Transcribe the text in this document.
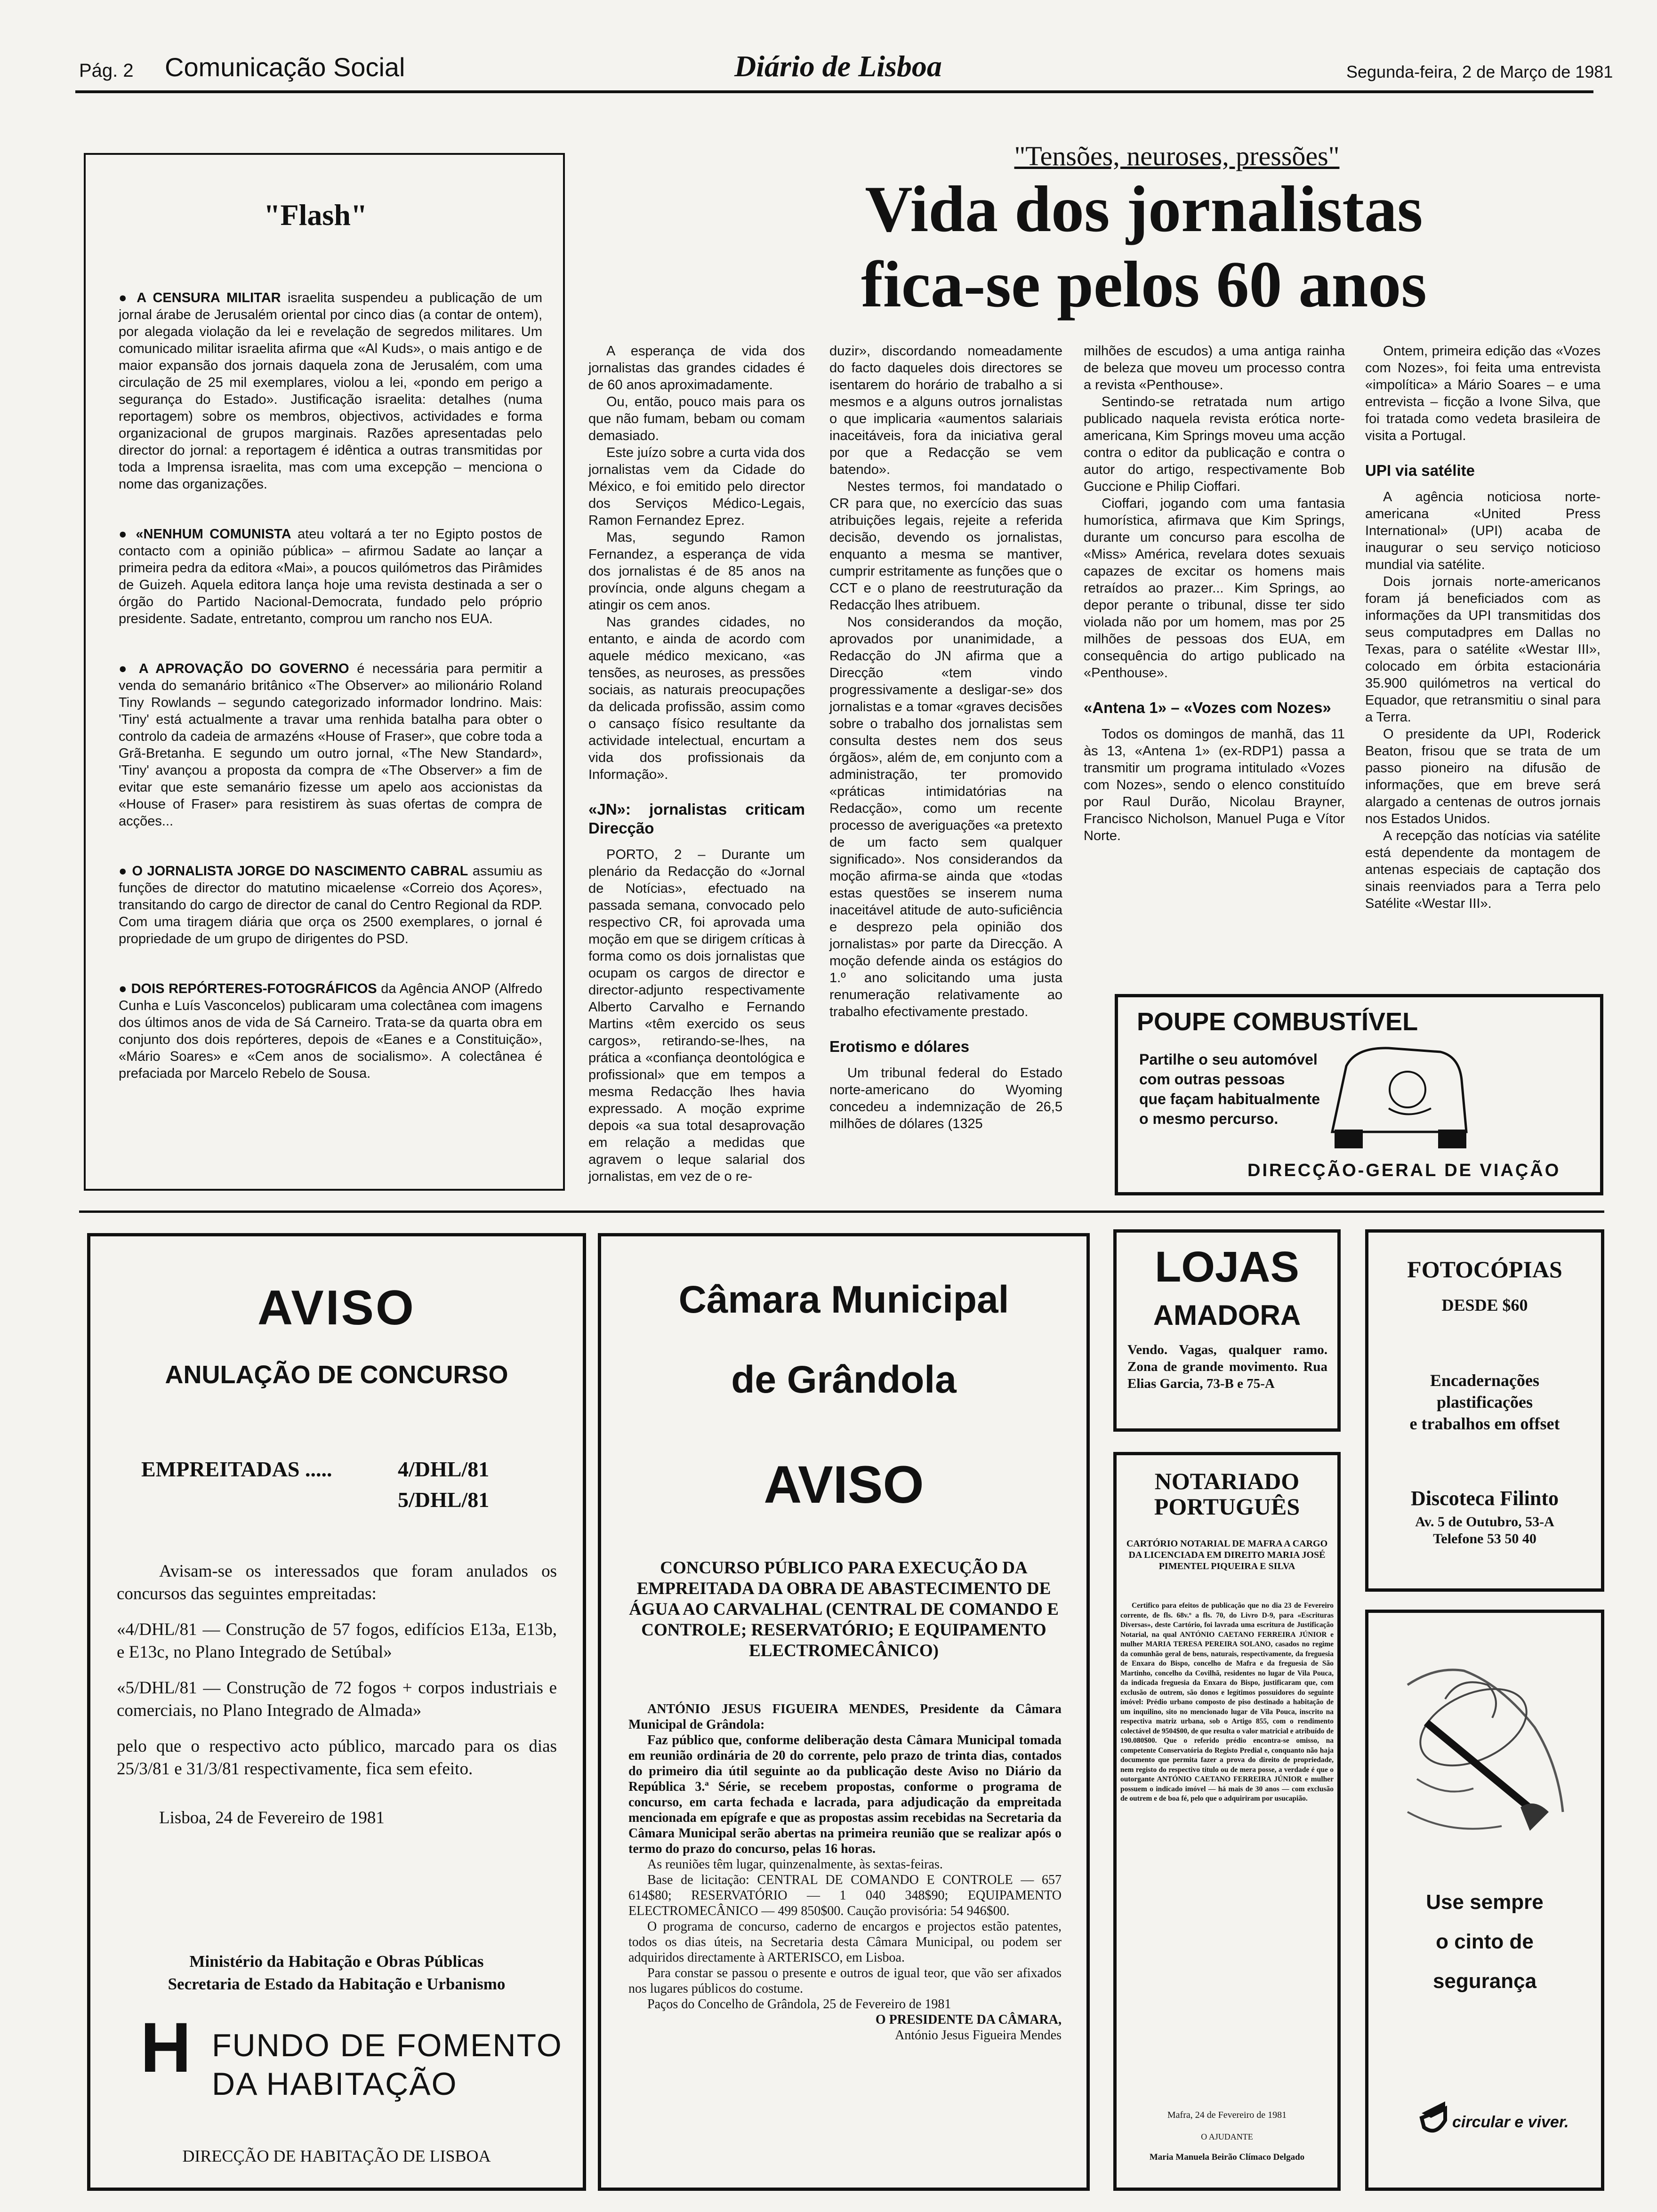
Pág. 2 Comunicação Social	Diário de Lisboa	Segunda-feira, 2 de Março de 1981
"Flash"

● A CENSURA MILITAR israelita suspendeu a publicação de um jornal árabe de Jerusalém oriental por cinco dias (a contar de ontem), por alegada violação da lei e revelação de segredos militares. Um comunicado militar israelita afirma que «Al Kuds», o mais antigo e de maior expansão dos jornais daquela zona de Jerusalém, com uma circulação de 25 mil exemplares, violou a lei, «pondo em perigo a segurança do Estado». Justificação israelita: detalhes (numa reportagem) sobre os membros, objectivos, actividades e forma organizacional de grupos marginais. Razões apresentadas pelo director do jornal: a reportagem é idêntica a outras transmitidas por toda a Imprensa israelita, mas com uma excepção – menciona o nome das organizações.

● «NENHUM COMUNISTA ateu voltará a ter no Egipto postos de contacto com a opinião pública» – afirmou Sadate ao lançar a primeira pedra da editora «Mai», a poucos quilómetros das Pirâmides de Guizeh. Aquela editora lança hoje uma revista destinada a ser o órgão do Partido Nacional-Democrata, fundado pelo próprio presidente. Sadate, entretanto, comprou um rancho nos EUA.

● A APROVAÇÃO DO GOVERNO é necessária para permitir a venda do semanário britânico «The Observer» ao milionário Roland Tiny Rowlands – segundo categorizado informador londrino. Mais: 'Tiny' está actualmente a travar uma renhida batalha para obter o controlo da cadeia de armazéns «House of Fraser», que cobre toda a Grã-Bretanha. E segundo um outro jornal, «The New Standard», 'Tiny' avançou a proposta da compra de «The Observer» a fim de evitar que este semanário fizesse um apelo aos accionistas da «House of Fraser» para resistirem às suas ofertas de compra de acções...

● O JORNALISTA JORGE DO NASCIMENTO CABRAL assumiu as funções de director do matutino micaelense «Correio dos Açores», transitando do cargo de director de canal do Centro Regional da RDP. Com uma tiragem diária que orça os 2500 exemplares, o jornal é propriedade de um grupo de dirigentes do PSD.

● DOIS REPÓRTERES-FOTOGRÁFICOS da Agência ANOP (Alfredo Cunha e Luís Vasconcelos) publicaram uma colectânea com imagens dos últimos anos de vida de Sá Carneiro. Trata-se da quarta obra em conjunto dos dois repórteres, depois de «Eanes e a Constituição», «Mário Soares» e «Cem anos de socialismo». A colectânea é prefaciada por Marcelo Rebelo de Sousa.

"Tensões, neuroses, pressões"
Vida dos jornalistas
fica-se pelos 60 anos

A esperança de vida dos jornalistas das grandes cidades é de 60 anos aproximadamente.

Ou, então, pouco mais para os que não fumam, bebam ou comam demasiado.

Este juízo sobre a curta vida dos jornalistas vem da Cidade do México, e foi emitido pelo director dos Serviços Médico-Legais, Ramon Fernandez Eprez.

Mas, segundo Ramon Fernandez, a esperança de vida dos jornalistas é de 85 anos na província, onde alguns chegam a atingir os cem anos.

Nas grandes cidades, no entanto, e ainda de acordo com aquele médico mexicano, «as tensões, as neuroses, as pressões sociais, as naturais preocupações da delicada profissão, assim como o cansaço físico resultante da actividade intelectual, encurtam a vida dos profissionais da Informação».

«JN»: jornalistas criticam Direcção

PORTO, 2 – Durante um plenário da Redacção do «Jornal de Notícias», efectuado na passada semana, convocado pelo respectivo CR, foi aprovada uma moção em que se dirigem críticas à forma como os dois jornalistas que ocupam os cargos de director e director-adjunto respectivamente Alberto Carvalho e Fernando Martins «têm exercido os seus cargos», retirando-se-lhes, na prática a «confiança deontológica e profissional» que em tempos a mesma Redacção lhes havia expressado. A moção exprime depois «a sua total desaprovação em relação a medidas que agravem o leque salarial dos jornalistas, em vez de o re-

duzir», discordando nomeadamente do facto daqueles dois directores se isentarem do horário de trabalho a si mesmos e a alguns outros jornalistas o que implicaria «aumentos salariais inaceitáveis, fora da iniciativa geral por que a Redacção se vem batendo».

Nestes termos, foi mandatado o CR para que, no exercício das suas atribuições legais, rejeite a referida decisão, devendo os jornalistas, enquanto a mesma se mantiver, cumprir estritamente as funções que o CCT e o plano de reestruturação da Redacção lhes atribuem.

Nos considerandos da moção, aprovados por unanimidade, a Redacção do JN afirma que a Direcção «tem vindo progressivamente a desligar-se» dos jornalistas e a tomar «graves decisões sobre o trabalho dos jornalistas sem consulta destes nem dos seus órgãos», além de, em conjunto com a administração, ter promovido «práticas intimidatórias na Redacção», como um recente processo de averiguações «a pretexto de um facto sem qualquer significado». Nos considerandos da moção afirma-se ainda que «todas estas questões se inserem numa inaceitável atitude de auto-suficiência e desprezo pela opinião dos jornalistas» por parte da Direcção. A moção defende ainda os estágios do 1.º ano solicitando uma justa renumeração relativamente ao trabalho efectivamente prestado.

Erotismo e dólares

Um tribunal federal do Estado norte-americano do Wyoming concedeu a indemnização de 26,5 milhões de dólares (1325

milhões de escudos) a uma antiga rainha de beleza que moveu um processo contra a revista «Penthouse».

Sentindo-se retratada num artigo publicado naquela revista erótica norte-americana, Kim Springs moveu uma acção contra o editor da publicação e contra o autor do artigo, respectivamente Bob Guccione e Philip Cioffari.

Cioffari, jogando com uma fantasia humorística, afirmava que Kim Springs, durante um concurso para escolha de «Miss» América, revelara dotes sexuais capazes de excitar os homens mais retraídos ao prazer... Kim Springs, ao depor perante o tribunal, disse ter sido violada não por um homem, mas por 25 milhões de pessoas dos EUA, em consequência do artigo publicado na «Penthouse».

«Antena 1» – «Vozes com Nozes»

Todos os domingos de manhã, das 11 às 13, «Antena 1» (ex-RDP1) passa a transmitir um programa intitulado «Vozes com Nozes», sendo o elenco constituído por Raul Durão, Nicolau Brayner, Francisco Nicholson, Manuel Puga e Vítor Norte.

Ontem, primeira edição das «Vozes com Nozes», foi feita uma entrevista «impolítica» a Mário Soares – e uma entrevista – ficção a Ivone Silva, que foi tratada como vedeta brasileira de visita a Portugal.

UPI via satélite

A agência noticiosa norte-americana «United Press International» (UPI) acaba de inaugurar o seu serviço noticioso mundial via satélite.

Dois jornais norte-americanos foram já beneficiados com as informações da UPI transmitidas dos seus computadpres em Dallas no Texas, para o satélite «Westar III», colocado em órbita estacionária 35.900 quilómetros na vertical do Equador, que retransmitiu o sinal para a Terra.

O presidente da UPI, Roderick Beaton, frisou que se trata de um passo pioneiro na difusão de informações, que em breve será alargado a centenas de outros jornais nos Estados Unidos.

A recepção das notícias via satélite está dependente da montagem de antenas especiais de captação dos sinais reenviados para a Terra pelo Satélite «Westar III».

POUPE COMBUSTÍVEL
Partilhe o seu automóvel
com outras pessoas
que façam habitualmente
o mesmo percurso.
DIRECÇÃO-GERAL DE VIAÇÃO
AVISO
ANULAÇÃO DE CONCURSO
EMPREITADAS .....	4/DHL/81
5/DHL/81

Avisam-se os interessados que foram anulados os concursos das seguintes empreitadas:

«4/DHL/81 — Construção de 57 fogos, edifícios E13a, E13b, e E13c, no Plano Integrado de Setúbal»

«5/DHL/81 — Construção de 72 fogos + corpos industriais e comerciais, no Plano Integrado de Almada»

pelo que o respectivo acto público, marcado para os dias 25/3/81 e 31/3/81 respectivamente, fica sem efeito.

Lisboa, 24 de Fevereiro de 1981

Ministério da Habitação e Obras Públicas
Secretaria de Estado da Habitação e Urbanismo
H FUNDO DE FOMENTO
DA HABITAÇÃO
DIRECÇÃO DE HABITAÇÃO DE LISBOA
Câmara Municipal
de Grândola
AVISO
CONCURSO PÚBLICO PARA EXECUÇÃO DA EMPREITADA DA OBRA DE ABASTECIMENTO DE ÁGUA AO CARVALHAL (CENTRAL DE COMANDO E CONTROLE; RESERVATÓRIO; E EQUIPAMENTO ELECTROMECÂNICO)

ANTÓNIO JESUS FIGUEIRA MENDES, Presidente da Câmara Municipal de Grândola:

Faz público que, conforme deliberação desta Câmara Municipal tomada em reunião ordinária de 20 do corrente, pelo prazo de trinta dias, contados do primeiro dia útil seguinte ao da publicação deste Aviso no Diário da República 3.ª Série, se recebem propostas, conforme o programa de concurso, em carta fechada e lacrada, para adjudicação da empreitada mencionada em epígrafe e que as propostas assim recebidas na Secretaria da Câmara Municipal serão abertas na primeira reunião que se realizar após o termo do prazo do concurso, pelas 16 horas.

As reuniões têm lugar, quinzenalmente, às sextas-feiras.

Base de licitação: CENTRAL DE COMANDO E CONTROLE — 657 614$80; RESERVATÓRIO — 1 040 348$90; EQUIPAMENTO ELECTROMECÂNICO — 499 850$00. Caução provisória: 54 946$00.

O programa de concurso, caderno de encargos e projectos estão patentes, todos os dias úteis, na Secretaria desta Câmara Municipal, ou podem ser adquiridos directamente à ARTERISCO, em Lisboa.

Para constar se passou o presente e outros de igual teor, que vão ser afixados nos lugares públicos do costume.

Paços do Concelho de Grândola, 25 de Fevereiro de 1981

O PRESIDENTE DA CÂMARA,

António Jesus Figueira Mendes

LOJAS
AMADORA
Vendo. Vagas, qualquer ramo. Zona de grande movimento. Rua Elias Garcia, 73-B e 75-A
NOTARIADO
PORTUGUÊS
CARTÓRIO NOTARIAL DE MAFRA A CARGO DA LICENCIADA EM DIREITO MARIA JOSÉ PIMENTEL PIQUEIRA E SILVA
Certifico para efeitos de publicação que no dia 23 de Fevereiro corrente, de fls. 68v.º a fls. 70, do Livro D-9, para «Escrituras Diversas», deste Cartório, foi lavrada uma escritura de Justificação Notarial, na qual ANTÓNIO CAETANO FERREIRA JÚNIOR e mulher MARIA TERESA PEREIRA SOLANO, casados no regime da comunhão geral de bens, naturais, respectivamente, da freguesia de Enxara do Bispo, concelho de Mafra e da freguesia de São Martinho, concelho da Covilhã, residentes no lugar de Vila Pouca, da indicada freguesia da Enxara do Bispo, justificaram que, com exclusão de outrem, são donos e legítimos possuidores do seguinte imóvel: Prédio urbano composto de piso destinado a habitação de um inquilino, sito no mencionado lugar de Vila Pouca, inscrito na respectiva matriz urbana, sob o Artigo 855, com o rendimento colectável de 9504$00, de que resulta o valor matricial e atribuído de 190.080$00. Que o referido prédio encontra-se omisso, na competente Conservatória do Registo Predial e, conquanto não haja documento que permita fazer a prova do direito de propriedade, nem registo do respectivo título ou de mera posse, a verdade é que o outorgante ANTÓNIO CAETANO FERREIRA JÚNIOR e mulher possuem o indicado imóvel — há mais de 30 anos — com exclusão de outrem e de boa fé, pelo que o adquiriram por usucapião.
Mafra, 24 de Fevereiro de 1981
O AJUDANTE
Maria Manuela Beirão Clímaco Delgado
FOTOCÓPIAS
DESDE $60
Encadernações
plastificações
e trabalhos em offset
Discoteca Filinto
Av. 5 de Outubro, 53-A
Telefone 53 50 40
Use sempre
o cinto de
segurança
circular e viver.
